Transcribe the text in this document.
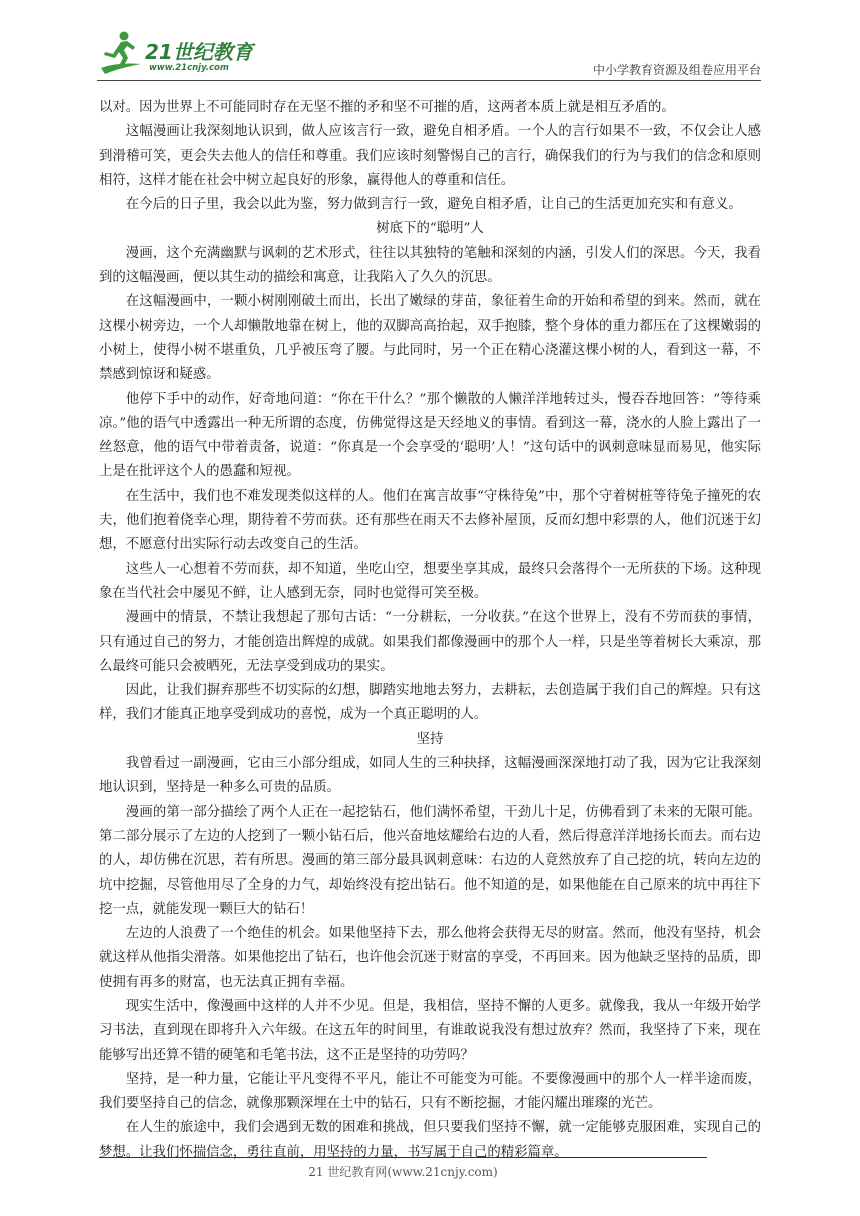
21世纪教育
www.21cnjy.com	中小学教育资源及组卷应用平台

以对。因为世界上不可能同时存在无坚不摧的矛和坚不可摧的盾，这两者本质上就是相互矛盾的。

这幅漫画让我深刻地认识到，做人应该言行一致，避免自相矛盾。一个人的言行如果不一致，不仅会让人感到滑稽可笑，更会失去他人的信任和尊重。我们应该时刻警惕自己的言行，确保我们的行为与我们的信念和原则相符，这样才能在社会中树立起良好的形象，赢得他人的尊重和信任。

在今后的日子里，我会以此为鉴，努力做到言行一致，避免自相矛盾，让自己的生活更加充实和有意义。

树底下的“聪明”人

漫画，这个充满幽默与讽刺的艺术形式，往往以其独特的笔触和深刻的内涵，引发人们的深思。今天，我看到的这幅漫画，便以其生动的描绘和寓意，让我陷入了久久的沉思。

在这幅漫画中，一颗小树刚刚破土而出，长出了嫩绿的芽苗，象征着生命的开始和希望的到来。然而，就在这棵小树旁边，一个人却懒散地靠在树上，他的双脚高高抬起，双手抱膝，整个身体的重力都压在了这棵嫩弱的小树上，使得小树不堪重负，几乎被压弯了腰。与此同时，另一个正在精心浇灌这棵小树的人，看到这一幕，不禁感到惊讶和疑惑。

他停下手中的动作，好奇地问道：“你在干什么？”那个懒散的人懒洋洋地转过头，慢吞吞地回答：“等待乘凉。”他的语气中透露出一种无所谓的态度，仿佛觉得这是天经地义的事情。看到这一幕，浇水的人脸上露出了一丝怒意，他的语气中带着责备，说道：“你真是一个会享受的‘聪明’人！”这句话中的讽刺意味显而易见，他实际上是在批评这个人的愚蠢和短视。

在生活中，我们也不难发现类似这样的人。他们在寓言故事“守株待兔”中，那个守着树桩等待兔子撞死的农夫，他们抱着侥幸心理，期待着不劳而获。还有那些在雨天不去修补屋顶，反而幻想中彩票的人，他们沉迷于幻想，不愿意付出实际行动去改变自己的生活。

这些人一心想着不劳而获，却不知道，坐吃山空，想要坐享其成，最终只会落得个一无所获的下场。这种现象在当代社会中屡见不鲜，让人感到无奈，同时也觉得可笑至极。

漫画中的情景，不禁让我想起了那句古话：“一分耕耘，一分收获。”在这个世界上，没有不劳而获的事情，只有通过自己的努力，才能创造出辉煌的成就。如果我们都像漫画中的那个人一样，只是坐等着树长大乘凉，那么最终可能只会被晒死，无法享受到成功的果实。

因此，让我们摒弃那些不切实际的幻想，脚踏实地地去努力，去耕耘，去创造属于我们自己的辉煌。只有这样，我们才能真正地享受到成功的喜悦，成为一个真正聪明的人。

坚持

我曾看过一副漫画，它由三小部分组成，如同人生的三种抉择，这幅漫画深深地打动了我，因为它让我深刻地认识到，坚持是一种多么可贵的品质。

漫画的第一部分描绘了两个人正在一起挖钻石，他们满怀希望，干劲儿十足，仿佛看到了未来的无限可能。第二部分展示了左边的人挖到了一颗小钻石后，他兴奋地炫耀给右边的人看，然后得意洋洋地扬长而去。而右边的人，却仿佛在沉思，若有所思。漫画的第三部分最具讽刺意味：右边的人竟然放弃了自己挖的坑，转向左边的坑中挖掘，尽管他用尽了全身的力气，却始终没有挖出钻石。他不知道的是，如果他能在自己原来的坑中再往下挖一点，就能发现一颗巨大的钻石！

左边的人浪费了一个绝佳的机会。如果他坚持下去，那么他将会获得无尽的财富。然而，他没有坚持，机会就这样从他指尖滑落。如果他挖出了钻石，也许他会沉迷于财富的享受，不再回来。因为他缺乏坚持的品质，即使拥有再多的财富，也无法真正拥有幸福。

现实生活中，像漫画中这样的人并不少见。但是，我相信，坚持不懈的人更多。就像我，我从一年级开始学习书法，直到现在即将升入六年级。在这五年的时间里，有谁敢说我没有想过放弃？然而，我坚持了下来，现在能够写出还算不错的硬笔和毛笔书法，这不正是坚持的功劳吗？

坚持，是一种力量，它能让平凡变得不平凡，能让不可能变为可能。不要像漫画中的那个人一样半途而废，我们要坚持自己的信念，就像那颗深埋在土中的钻石，只有不断挖掘，才能闪耀出璀璨的光芒。

在人生的旅途中，我们会遇到无数的困难和挑战，但只要我们坚持不懈，就一定能够克服困难，实现自己的梦想。让我们怀揣信念，勇往直前，用坚持的力量，书写属于自己的精彩篇章。

21 世纪教育网(www.21cnjy.com)
